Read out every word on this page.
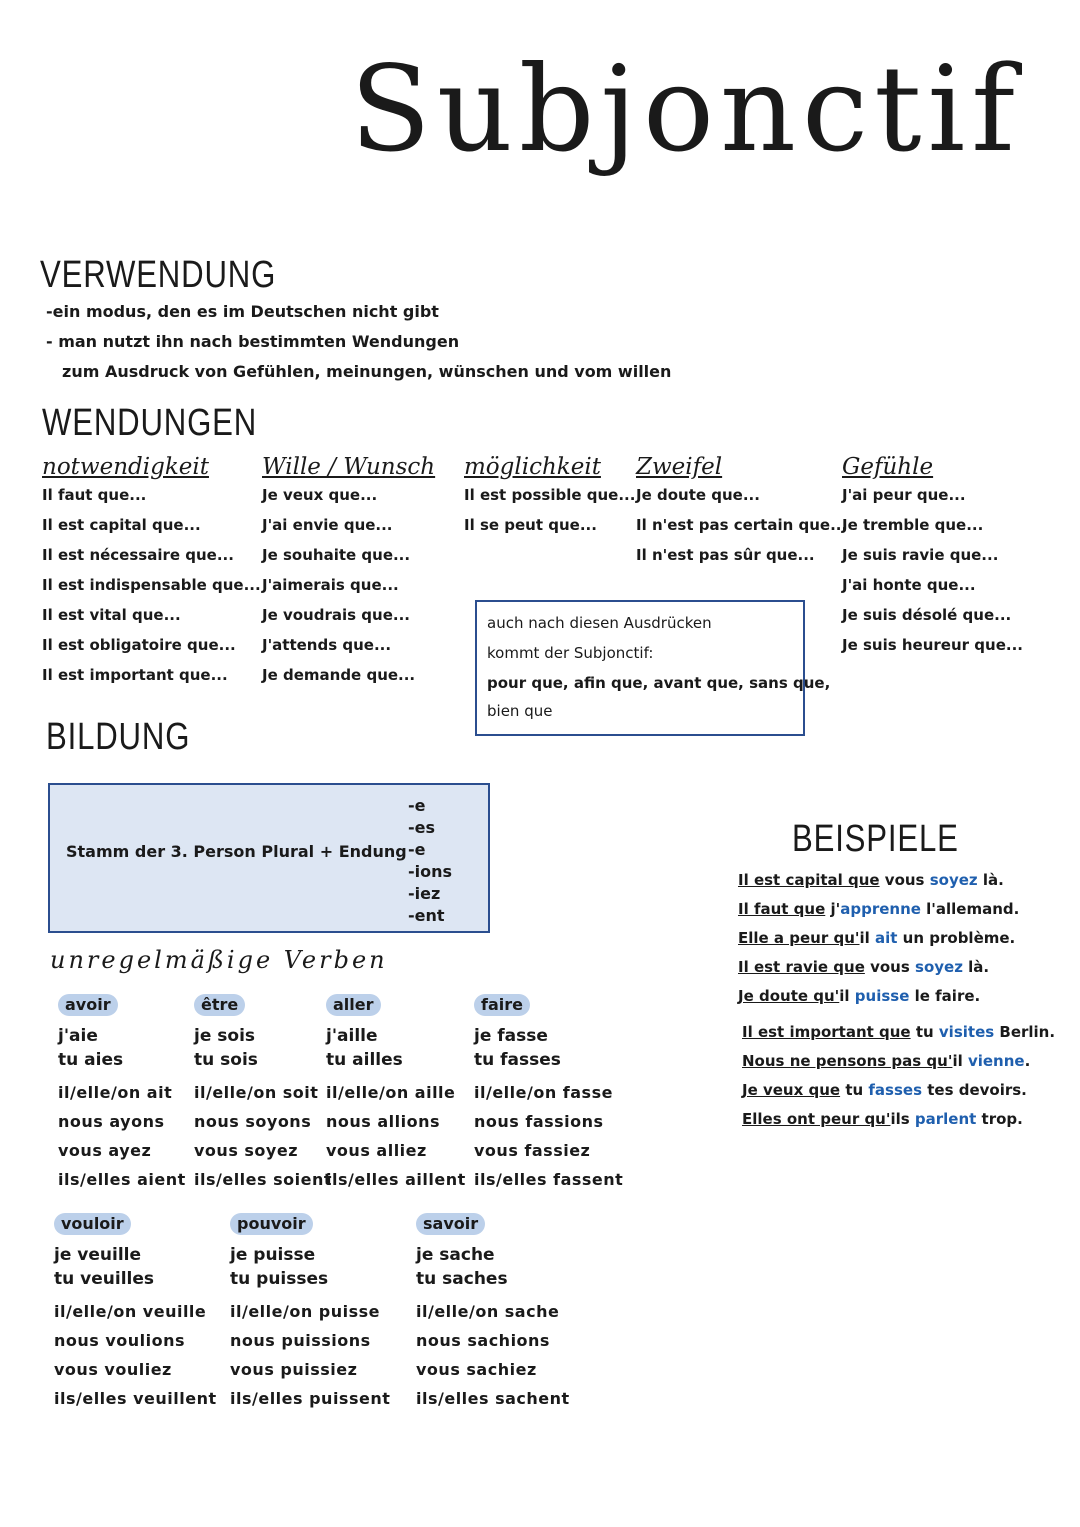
Subjonctif
VERWENDUNG
-ein modus, den es im Deutschen nicht gibt
- man nutzt ihn nach bestimmten Wendungen
zum Ausdruck von Gefühlen, meinungen, wünschen und vom willen
WENDUNGEN
notwendigkeit
Il faut que...
Il est capital que...
Il est nécessaire que...
Il est indispensable que...
Il est vital que...
Il est obligatoire que...
Il est important que...
Wille / Wunsch
Je veux que...
J'ai envie que...
Je souhaite que...
J'aimerais que...
Je voudrais que...
J'attends que...
Je demande que...
möglichkeit
Il est possible que...
Il se peut que...
Zweifel
Je doute que...
Il n'est pas certain que...
Il n'est pas sûr que...
Gefühle
J'ai peur que...
Je tremble que...
Je suis ravie que...
J'ai honte que...
Je suis désolé que...
Je suis heureur que...
auch nach diesen Ausdrücken
kommt der Subjonctif:
pour que, afin que, avant que, sans que,
bien que
BILDUNG
Stamm der 3. Person Plural + Endung
-e
-es
-e
-ions
-iez
-ent
unregelmäßige Verben
avoir
j'aie
tu aies
il/elle/on ait
nous ayons
vous ayez
ils/elles aient
être
je sois
tu sois
il/elle/on soit
nous soyons
vous soyez
ils/elles soient
aller
j'aille
tu ailles
il/elle/on aille
nous allions
vous alliez
ils/elles aillent
faire
je fasse
tu fasses
il/elle/on fasse
nous fassions
vous fassiez
ils/elles fassent
vouloir
je veuille
tu veuilles
il/elle/on veuille
nous voulions
vous vouliez
ils/elles veuillent
pouvoir
je puisse
tu puisses
il/elle/on puisse
nous puissions
vous puissiez
ils/elles puissent
savoir
je sache
tu saches
il/elle/on sache
nous sachions
vous sachiez
ils/elles sachent
BEISPIELE
Il est capital que vous soyez là.
Il faut que j'apprenne l'allemand.
Elle a peur qu'il ait un problème.
Il est ravie que vous soyez là.
Je doute qu'il puisse le faire.
Il est important que tu visites Berlin.
Nous ne pensons pas qu'il vienne.
Je veux que tu fasses tes devoirs.
Elles ont peur qu'ils parlent trop.
